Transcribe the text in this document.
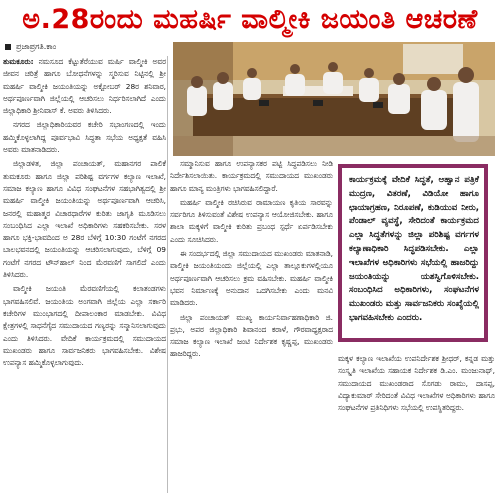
ಅ.28ರಂದು ಮಹರ್ಷಿ ವಾಲ್ಮೀಕಿ ಜಯಂತಿ ಆಚರಣೆ
ಪ್ರಜಾಪ್ರಗತಿ.ಕಾಂ

ತುಮಕೂರು: ನಮಸೂದ ಕೆಟ್ಟುತೆರೆಯುವ ಮರ್ಷಿ ವಾಲ್ಮೀಕಿ ಅವರ ಜೀವನ ಚರಿತ್ರೆ ಹಾಗೂ ಬೋಧನೆಗಳನ್ನು ಸ್ಮರಿಸುವ ನಿಟ್ಟಿನಲ್ಲಿ ಶ್ರೀ ಮಹರ್ಷಿ ವಾಲ್ಮೀಕಿ ಜಯಂತಿಯನ್ನು ಅಕ್ಟೋಬರ್ 28ರ ಶನಿವಾರ, ಅರ್ಥಪೂರ್ಣವಾಗಿ ಜಿಲ್ಲೆಯಲ್ಲಿ ಆಚರಿಸಲು ನಿರ್ಧರಿಸಲಾಗಿದೆ ಎಂದು ಜಿಲ್ಲಾಧಿಕಾರಿ ಶ್ರೀನಿವಾಸ್ ಕೆ. ಅವರು ತಿಳಿಸಿದರು.

ನಗರದ ಜಿಲ್ಲಾಧಿಕಾರಿಯವರ ಕಚೇರಿ ಸಭಾಂಗಣದಲ್ಲಿ ಇಂದು ಹಮ್ಮಿಕೊಳ್ಳಲಾಗಿದ್ದ ಪೂರ್ವಭಾವಿ ಸಿದ್ಧತಾ ಸಭೆಯ ಅಧ್ಯಕ್ಷತೆ ವಹಿಸಿ ಅವರು ಮಾತನಾಡಿದರು.

ಜಿಲ್ಲಾಡಳಿತ, ಜಿಲ್ಲಾ ಪಂಚಾಯತ್, ಮಹಾನಗರ ಪಾಲಿಕೆ ತುಮಕೂರು ಹಾಗೂ ಜಿಲ್ಲಾ ಪರಿಶಿಷ್ಟ ವರ್ಗಗಳ ಕಲ್ಯಾಣ ಇಲಾಖೆ, ಸಮಾಜ ಕಲ್ಯಾಣ ಹಾಗೂ ವಿವಿಧ ಸಂಘಟನೆಗಳ ಸಹಭಾಗಿತ್ವದಲ್ಲಿ ಶ್ರೀ ಮಹರ್ಷಿ ವಾಲ್ಮೀಕಿ ಜಯಂತಿಯನ್ನು ಅರ್ಥಪೂರ್ಣವಾಗಿ ಆಚರಿಸಿ, ಜನರಲ್ಲಿ ಮಹಾತ್ಮರ ವಿಚಾರಧಾರೆಗಳ ಕುರಿತು ಜಾಗೃತಿ ಮೂಡಿಸಲು ಸಂಬಂಧಿಸಿದ ಎಲ್ಲಾ ಇಲಾಖೆ ಅಧಿಕಾರಿಗಳು ಸಹಕರಿಸಬೇಕು. ಸರಳ ಹಾಗೂ ಭಕ್ತಿ-ಭಾವದಿಂದ ಅ 28ರ ಬೆಳಿಗ್ಗೆ 10:30 ಗಂಟೆಗೆ ನಗರದ ಬಾಲಭವನದಲ್ಲಿ ಜಯಂತಿಯನ್ನು ಆಚರಿಸಲಾಗುವುದು, ಬೆಳಿಗ್ಗೆ 09 ಗಂಟೆಗೆ ನಗರದ ಟೌನ್‌ಹಾಲ್ ನಿಂದ ಮೆರವಣಿಗೆ ಸಾಗಲಿದೆ ಎಂದು ತಿಳಿಸಿದರು.

ವಾಲ್ಮೀಕಿ ಜಯಂತಿ ಮೆರವಣಿಗೆಯಲ್ಲಿ ಕಲಾತಂಡಗಳು ಭಾಗವಹಿಸಲಿವೆ. ಜಯಂತಿಯ ಅಂಗವಾಗಿ ಜಿಲ್ಲೆಯ ಎಲ್ಲಾ ಸರ್ಕಾರಿ ಕಚೇರಿಗಳ ಮುಂಭಾಗದಲ್ಲಿ ದೀಪಾಲಂಕಾರ ಮಾಡಬೇಕು. ವಿವಿಧ ಕ್ಷೇತ್ರಗಳಲ್ಲಿ ಸಾಧನೆಗೈದ ಸಮುದಾಯದ ಗಣ್ಯರನ್ನು ಸನ್ಮಾನಿಸಲಾಗುವುದು ಎಂದು ತಿಳಿಸಿದರು. ವೇದಿಕೆ ಕಾರ್ಯಕ್ರಮದಲ್ಲಿ ಸಮುದಾಯದ ಮುಖಂಡರು ಹಾಗೂ ಸಾರ್ವಜನಿಕರು ಭಾಗವಹಿಸಬೇಕು. ವಿಶೇಷ ಉಪನ್ಯಾಸ ಹಮ್ಮಿಕೊಳ್ಳಲಾಗುವುದು.

ಸಮ್ಮಾನಿಸುವ ಹಾಗೂ ಉಪನ್ಯಾಸಕರ ಪಟ್ಟಿ ಸಿದ್ಧಪಡಿಸಲು ನೀಡಿ ನಿರ್ದೇಶಿಸಲಾಯಿತು. ಕಾರ್ಯಕ್ರಮದಲ್ಲಿ ಸಮುದಾಯದ ಮುಖಂಡರು ಹಾಗೂ ಮಾನ್ಯ ಮಂತ್ರಿಗಳು ಭಾಗವಹಿಸಲಿದ್ದಾರೆ.

ಮಹರ್ಷಿ ವಾಲ್ಮೀಕಿ ರಚಿಸಿರುವ ರಾಮಾಯಣ ಕೃತಿಯ ಸಾರವನ್ನು ಸರ್ವರಿಗೂ ತಿಳಿಸುವಂತೆ ವಿಶೇಷ ಉಪನ್ಯಾಸ ಆಯೋಜಿಸಬೇಕು. ಹಾಗೂ ಶಾಲಾ ಮಕ್ಕಳಿಗೆ ವಾಲ್ಮೀಕಿ ಕುರಿತು ಪ್ರಬಂಧ ಸ್ಪರ್ಧೆ ಏರ್ಪಡಿಸಬೇಕು ಎಂದು ಸೂಚಿಸಿದರು.

ಈ ಸಂದರ್ಭದಲ್ಲಿ ಜಿಲ್ಲಾ ಸಮುದಾಯದ ಮುಖಂಡರು ಮಾತನಾಡಿ, ವಾಲ್ಮೀಕಿ ಜಯಂತಿಯಂದು ಜಿಲ್ಲೆಯಲ್ಲಿ ಎಲ್ಲಾ ತಾಲ್ಲೂಕುಗಳಲ್ಲಿಯೂ ಅರ್ಥಪೂರ್ಣವಾಗಿ ಆಚರಿಸಲು ಕ್ರಮ ವಹಿಸಬೇಕು. ಮಹರ್ಷಿ ವಾಲ್ಮೀಕಿ ಭವನ ನಿರ್ಮಾಣಕ್ಕೆ ಅನುದಾನ ಒದಗಿಸಬೇಕು ಎಂದು ಮನವಿ ಮಾಡಿದರು.

ಜಿಲ್ಲಾ ಪಂಚಾಯತ್ ಮುಖ್ಯ ಕಾರ್ಯನಿರ್ವಾಹಣಾಧಿಕಾರಿ ಜಿ. ಪ್ರಭು, ಅಪರ ಜಿಲ್ಲಾಧಿಕಾರಿ ಶಿವಾನಂದ ಕರಾಳೆ, ಗೌರವಾಧ್ಯಕ್ಷರಾದ ಸಮಾಜ ಕಲ್ಯಾಣ ಇಲಾಖೆ ಜಂಟಿ ನಿರ್ದೇಶಕ ಕೃಷ್ಣಪ್ಪ, ಮುಖಂಡರು ಹಾಜರಿದ್ದರು.

ಕಾರ್ಯಕ್ರಮಕ್ಕೆ ವೇದಿಕೆ ಸಿದ್ಧತೆ, ಆಹ್ವಾನ ಪತ್ರಿಕೆ ಮುದ್ರಣ, ವಿತರಣೆ, ವಿಡಿಯೋ ಹಾಗೂ ಛಾಯಾಗ್ರಹಣ, ನಿರೂಪಣೆ, ಕುಡಿಯುವ ನೀರು, ಪೆಂಡಾಲ್ ವ್ಯವಸ್ಥೆ, ಸೇರಿದಂತೆ ಕಾರ್ಯಕ್ರಮದ ಎಲ್ಲಾ ಸಿದ್ಧತೆಗಳನ್ನು ಜಿಲ್ಲಾ ಪರಿಶಿಷ್ಟ ವರ್ಗಗಳ ಕಲ್ಯಾಣಾಧಿಕಾರಿ ಸಿದ್ಧಪಡಿಸಬೇಕು. ಎಲ್ಲಾ ಇಲಾಖೆಗಳ ಅಧಿಕಾರಿಗಳು ಸಭೆಯಲ್ಲಿ ಹಾಜರಿದ್ದು ಜಯಂತಿಯನ್ನು ಯಶಸ್ವಿಗೊಳಿಸಬೇಕು. ಸಂಬಂಧಿಸಿದ ಅಧಿಕಾರಿಗಳು, ಸಂಘಟನೆಗಳ ಮುಖಂಡರು ಮತ್ತು ಸಾರ್ವಜನಿಕರು ಸಂಖ್ಯೆಯಲ್ಲಿ ಭಾಗವಹಿಸಬೇಕು ಎಂದರು.

ಮಕ್ಕಳ ಕಲ್ಯಾಣ ಇಲಾಖೆಯ ಉಪನಿರ್ದೇಶಕ ಶ್ರೀಧರ್, ಕನ್ನಡ ಮತ್ತು ಸಂಸ್ಕೃತಿ ಇಲಾಖೆಯ ಸಹಾಯಕ ನಿರ್ದೇಶಕ ಡಿ.ಎಂ. ಮಂಜುನಾಥ್, ಸಮುದಾಯದ ಮುಖಂಡರಾದ ಸೊಗಡು ರಾಮು, ದಾಸಪ್ಪ, ವಿದ್ಯಾಕುಮಾರ್ ಸೇರಿದಂತೆ ವಿವಿಧ ಇಲಾಖೆಗಳ ಅಧಿಕಾರಿಗಳು ಹಾಗೂ ಸಂಘಟನೆಗಳ ಪ್ರತಿನಿಧಿಗಳು ಸಭೆಯಲ್ಲಿ ಉಪಸ್ಥಿತರಿದ್ದರು.
